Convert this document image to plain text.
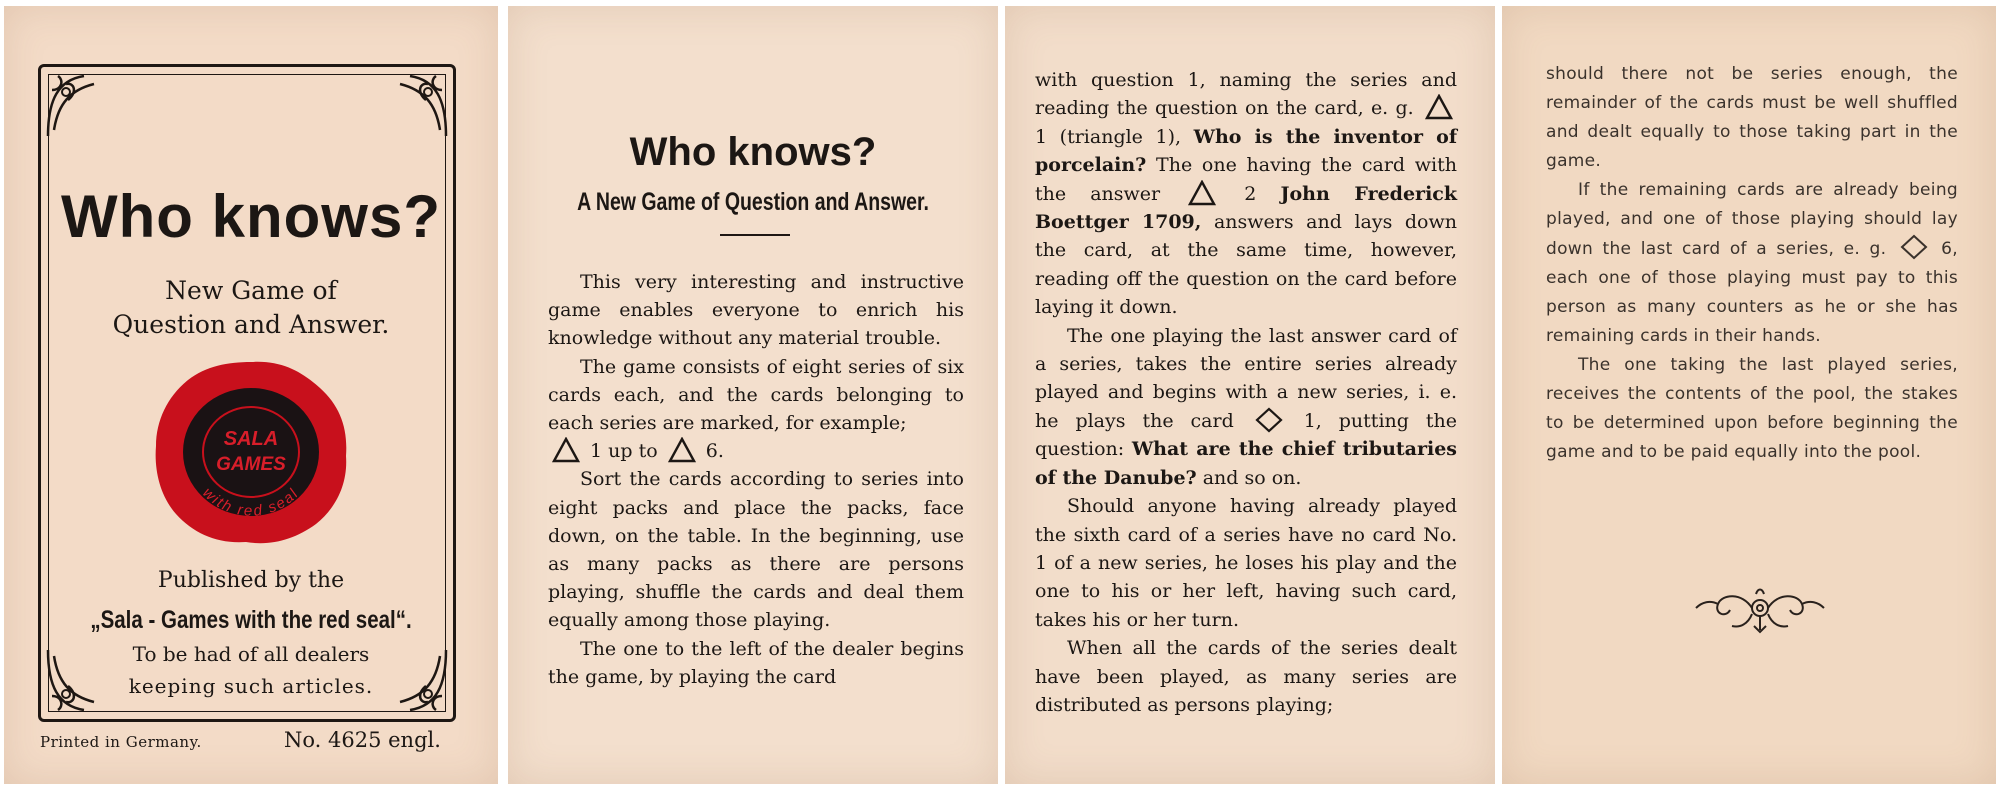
Who knows?
New Game of
Question and Answer.
SALA
GAMES
with red seal
Published by the
„Sala - Games with the red seal“.
To be had of all dealers
keeping such articles.
Printed in Germany.	No. 4625 engl.
Who knows?
A New Game of Question and Answer.

This very interesting and instructive game enables everyone to enrich his knowledge without any material trouble.

The game consists of eight series of six cards each, and the cards belonging to each series are marked, for example;
1 up to	6.

Sort the cards according to series into eight packs and place the packs, face down, on the table. In the beginning, use as many packs as there are persons playing, shuffle the cards and deal them equally among those playing.

The one to the left of the dealer begins the game, by playing the card

with question 1, naming the series and reading the question on the card, e. g.  1 (triangle 1), Who is the inventor of porcelain? The one having the card with the answer	2 John Frederick Boettger 1709, answers and lays down the card, at the same time, however, reading off the question on the card before laying it down.

The one playing the last answer card of a series, takes the entire series already played and begins with a new series, i. e. he plays the card	1, putting the question: What are the chief tributaries of the Danube? and so on.

Should anyone having already played the sixth card of a series have no card No. 1 of a new series, he loses his play and the one to his or her left, having such card, takes his or her turn.

When all the cards of the series dealt have been played, as many series are distributed as persons playing;

should there not be series enough, the remainder of the cards must be well shuffled and dealt equally to those taking part in the game.

If the remaining cards are already being played, and one of those playing should lay down the last card of a series, e. g.	6, each one of those playing must pay to this person as many counters as he or she has remaining cards in their hands.

The one taking the last played series, receives the contents of the pool, the stakes to be determined upon before beginning the game and to be paid equally into the pool.
